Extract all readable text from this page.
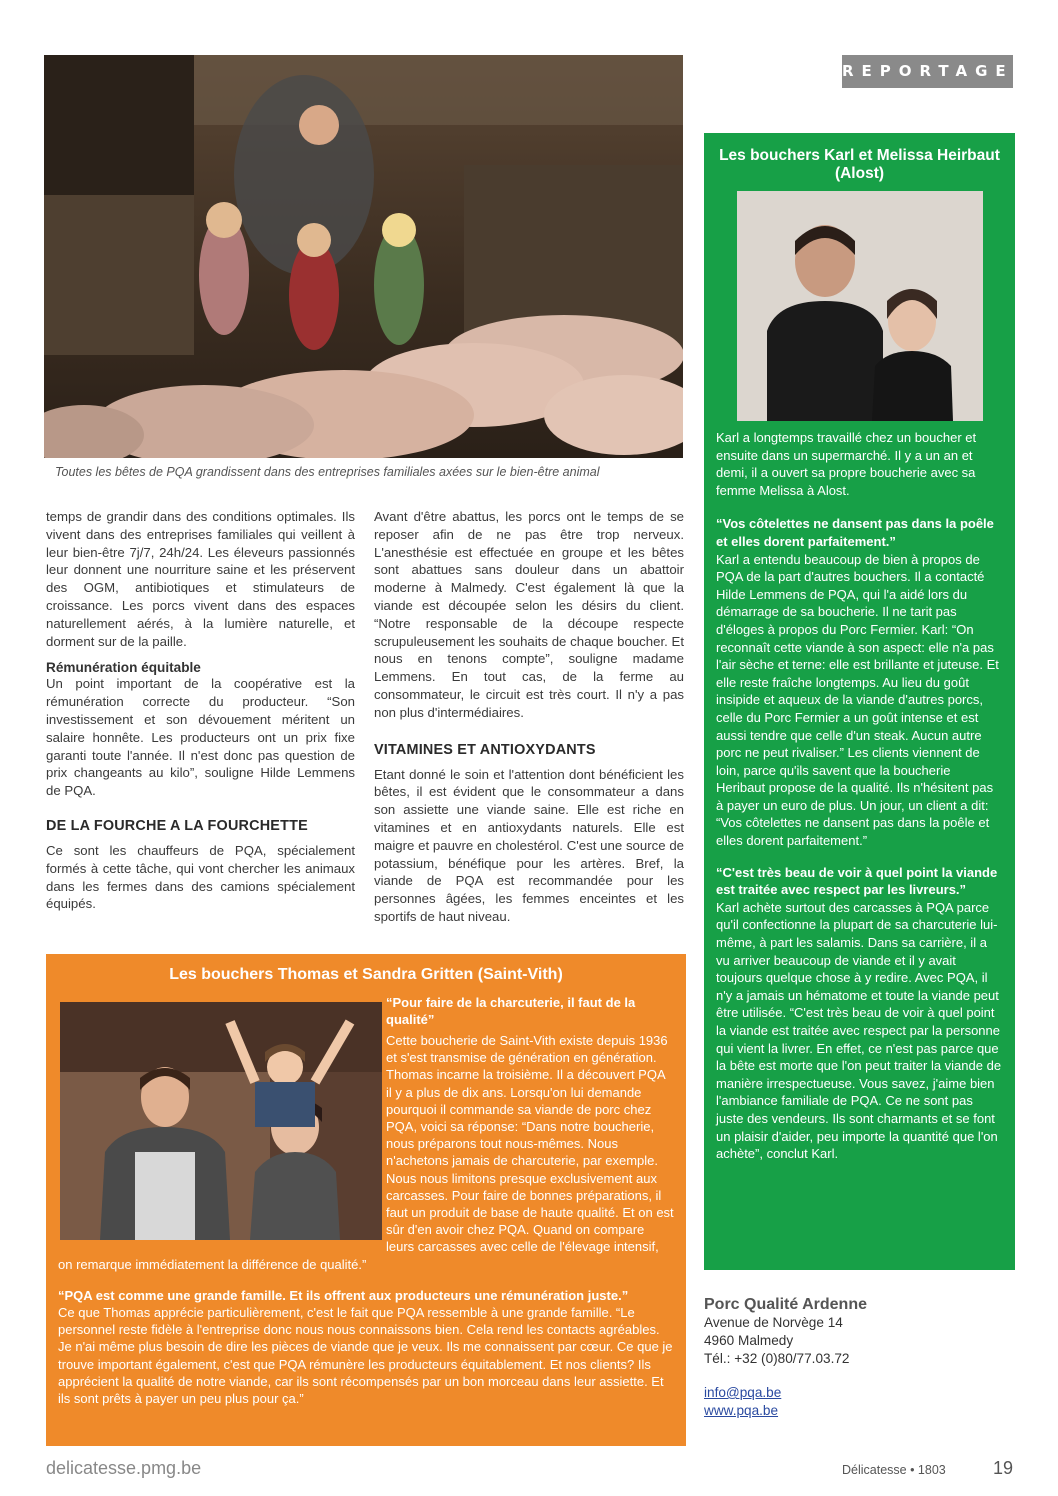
REPORTAGE
Toutes les bêtes de PQA grandissent dans des entreprises familiales axées sur le bien-être animal

temps de grandir dans des conditions optimales. Ils vivent dans des entreprises familiales qui veillent à leur bien-être 7j/7, 24h/24. Les éleveurs passionnés leur donnent une nourriture saine et les préservent des OGM, antibiotiques et stimulateurs de croissance. Les porcs vivent dans des espaces naturellement aérés, à la lumière naturelle, et dorment sur de la paille.

Rémunération équitable

Un point important de la coopérative est la rémunération correcte du producteur. “Son investissement et son dévouement méritent un salaire honnête. Les producteurs ont un prix fixe garanti toute l'année. Il n'est donc pas question de prix changeants au kilo”, souligne Hilde Lemmens de PQA.

DE LA FOURCHE A LA FOURCHETTE

Ce sont les chauffeurs de PQA, spécialement formés à cette tâche, qui vont chercher les animaux dans les fermes dans des camions spécialement équipés.

Avant d'être abattus, les porcs ont le temps de se reposer afin de ne pas être trop nerveux. L'anesthésie est effectuée en groupe et les bêtes sont abattues sans douleur dans un abattoir moderne à Malmedy. C'est également là que la viande est découpée selon les désirs du client. “Notre responsable de la découpe respecte scrupuleusement les souhaits de chaque boucher. Et nous en tenons compte”, souligne madame Lemmens. En tout cas, de la ferme au consommateur, le circuit est très court. Il n'y a pas non plus d'intermédiaires.

VITAMINES ET ANTIOXYDANTS

Etant donné le soin et l'attention dont bénéficient les bêtes, il est évident que le consommateur a dans son assiette une viande saine. Elle est riche en vitamines et en antioxydants naturels. Elle est maigre et pauvre en cholestérol. C'est une source de potassium, bénéfique pour les artères. Bref, la viande de PQA est recommandée pour les personnes âgées, les femmes enceintes et les sportifs de haut niveau.

Les bouchers Karl et Melissa Heirbaut (Alost)

Karl a longtemps travaillé chez un boucher et ensuite dans un supermarché. Il y a un an et demi, il a ouvert sa propre boucherie avec sa femme Melissa à Alost.

“Vos côtelettes ne dansent pas dans la poêle et elles dorent parfaitement.”

Karl a entendu beaucoup de bien à propos de PQA de la part d'autres bouchers. Il a contacté Hilde Lemmens de PQA, qui l'a aidé lors du démarrage de sa boucherie. Il ne tarit pas d'éloges à propos du Porc Fermier. Karl: “On reconnaît cette viande à son aspect: elle n'a pas l'air sèche et terne: elle est brillante et juteuse. Et elle reste fraîche longtemps. Au lieu du goût insipide et aqueux de la viande d'autres porcs, celle du Porc Fermier a un goût intense et est aussi tendre que celle d'un steak. Aucun autre porc ne peut rivaliser.” Les clients viennent de loin, parce qu'ils savent que la boucherie Heribaut propose de la qualité. Ils n'hésitent pas à payer un euro de plus. Un jour, un client a dit: “Vos côtelettes ne dansent pas dans la poêle et elles dorent parfaitement.”

“C'est très beau de voir à quel point la viande est traitée avec respect par les livreurs.”

Karl achète surtout des carcasses à PQA parce qu'il confectionne la plupart de sa charcuterie lui-même, à part les salamis. Dans sa carrière, il a vu arriver beaucoup de viande et il y avait toujours quelque chose à y redire. Avec PQA, il n'y a jamais un hématome et toute la viande peut être utilisée. “C'est très beau de voir à quel point la viande est traitée avec respect par la personne qui vient la livrer. En effet, ce n'est pas parce que la bête est morte que l'on peut traiter la viande de manière irrespectueuse. Vous savez, j'aime bien l'ambiance familiale de PQA. Ce ne sont pas juste des vendeurs. Ils sont charmants et se font un plaisir d'aider, peu importe la quantité que l'on achète”, conclut Karl.

Les bouchers Thomas et Sandra Gritten (Saint-Vith)

“Pour faire de la charcuterie, il faut de la qualité”

Cette boucherie de Saint-Vith existe depuis 1936 et s'est transmise de génération en génération. Thomas incarne la troisième. Il a découvert PQA il y a plus de dix ans. Lorsqu'on lui demande pourquoi il commande sa viande de porc chez PQA, voici sa réponse: “Dans notre boucherie, nous préparons tout nous-mêmes. Nous n'achetons jamais de charcuterie, par exemple. Nous nous limitons presque exclusivement aux carcasses. Pour faire de bonnes préparations, il faut un produit de base de haute qualité. Et on est sûr d'en avoir chez PQA. Quand on compare leurs carcasses avec celle de l'élevage intensif, on remarque immédiatement la différence de qualité.”

“PQA est comme une grande famille. Et ils offrent aux producteurs une rémunération juste.”

Ce que Thomas apprécie particulièrement, c'est le fait que PQA ressemble à une grande famille. “Le personnel reste fidèle à l'entreprise donc nous nous connaissons bien. Cela rend les contacts agréables. Je n'ai même plus besoin de dire les pièces de viande que je veux. Ils me connaissent par cœur. Ce que je trouve important également, c'est que PQA rémunère les producteurs équitablement. Et nos clients? Ils apprécient la qualité de notre viande, car ils sont récompensés par un bon morceau dans leur assiette. Et ils sont prêts à payer un peu plus pour ça.”

Porc Qualité Ardenne
Avenue de Norvège 14
4960 Malmedy
Tél.: +32 (0)80/77.03.72
info@pqa.be
www.pqa.be
delicatesse.pmg.be	Délicatesse • 1803	19
